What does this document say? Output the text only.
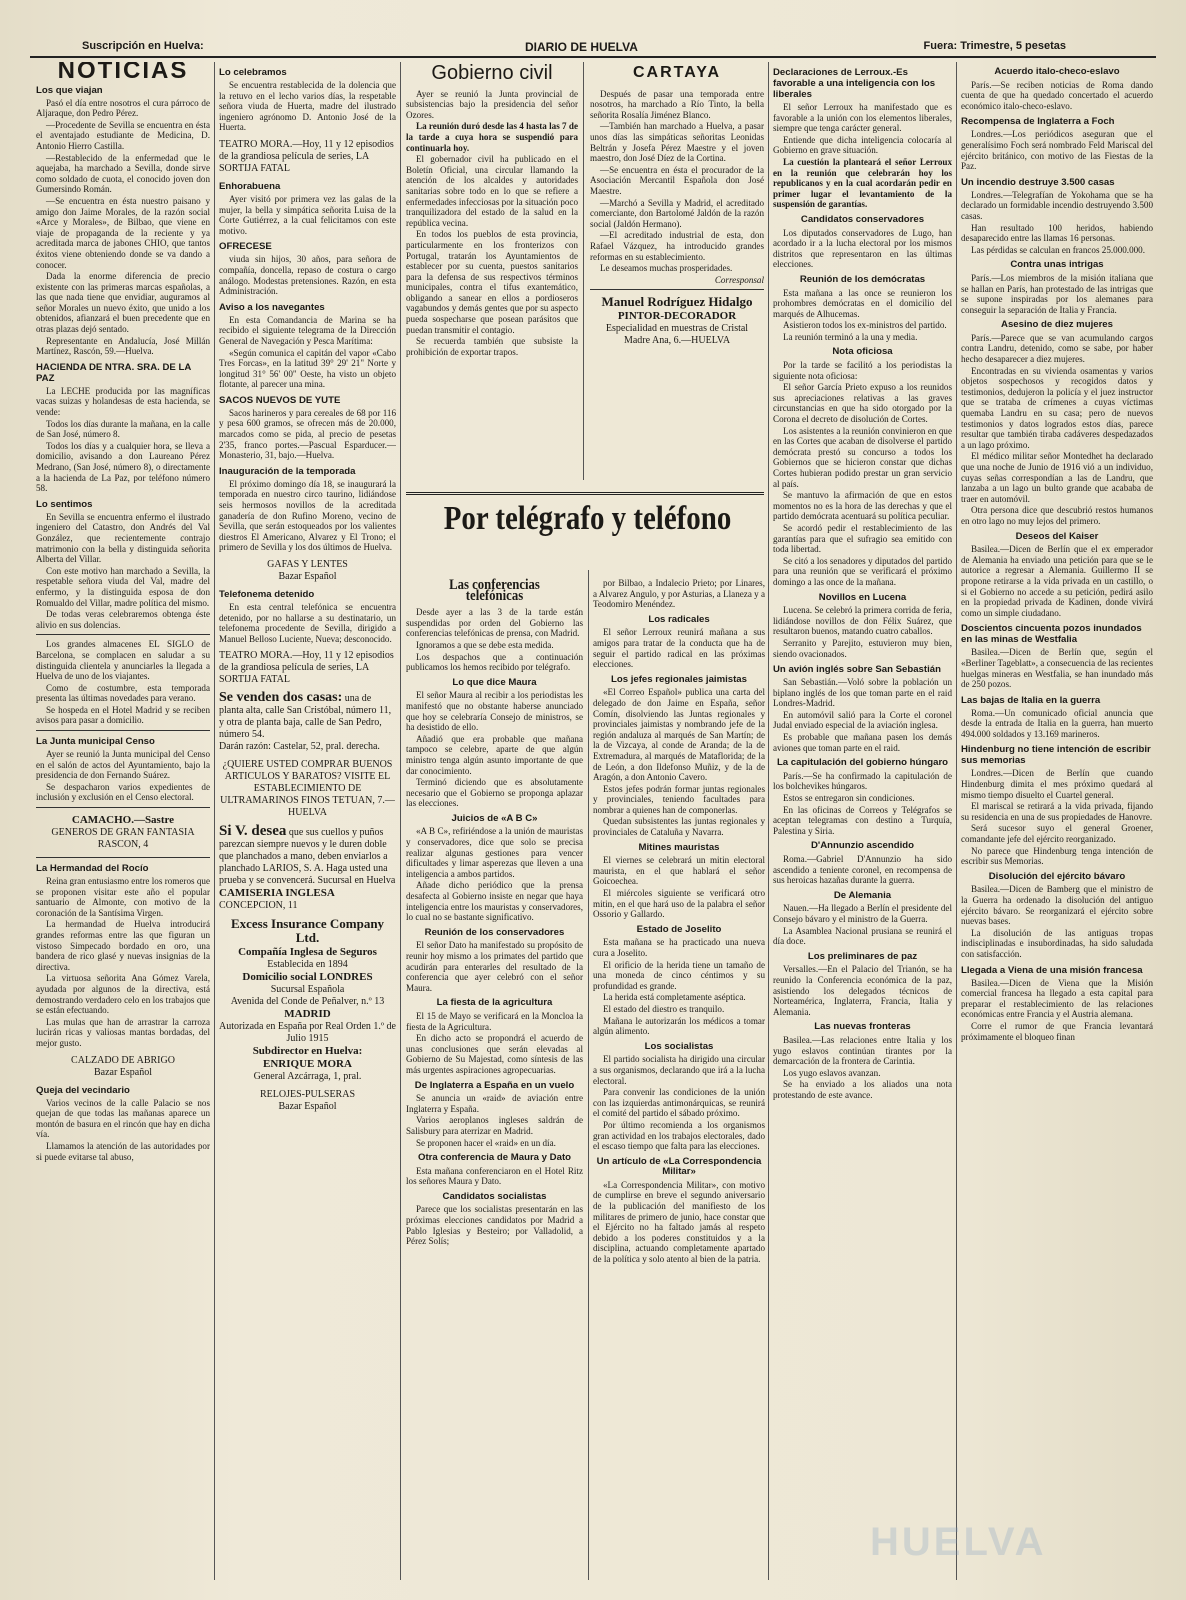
Suscripción en Huelva:	DIARIO DE HUELVA	Fuera: Trimestre, 5 pesetas
NOTICIAS
Los que viajan

Pasó el día entre nosotros el cura párroco de Aljaraque, don Pedro Pérez.

—Procedente de Sevilla se encuentra en ésta el aventajado estudiante de Medicina, D. Antonio Hierro Castilla.

—Restablecido de la enfermedad que le aquejaba, ha marchado a Sevilla, donde sirve como soldado de cuota, el conocido joven don Gumersindo Román.

—Se encuentra en ésta nuestro paisano y amigo don Jaime Morales, de la razón social «Arce y Morales», de Bilbao, que viene en viaje de propaganda de la reciente y ya acreditada marca de jabones CHIO, que tantos éxitos viene obteniendo donde se va dando a conocer.

Dada la enorme diferencia de precio existente con las primeras marcas españolas, a las que nada tiene que envidiar, auguramos al señor Morales un nuevo éxito, que unido a los obtenidos, afianzará el buen precedente que en otras plazas dejó sentado.

Representante en Andalucía, José Millán Martínez, Rascón, 59.—Huelva.

HACIENDA DE NTRA. SRA. DE LA PAZ

La LECHE producida por las magníficas vacas suizas y holandesas de esta hacienda, se vende:

Todos los días durante la mañana, en la calle de San José, número 8.

Todos los días y a cualquier hora, se lleva a domicilio, avisando a don Laureano Pérez Medrano, (San José, número 8), o directamente a la hacienda de La Paz, por teléfono número 58.

Lo sentimos

En Sevilla se encuentra enfermo el ilustrado ingeniero del Catastro, don Andrés del Val González, que recientemente contrajo matrimonio con la bella y distinguida señorita Alberta del Villar.

Con este motivo han marchado a Sevilla, la respetable señora viuda del Val, madre del enfermo, y la distinguida esposa de don Romualdo del Villar, madre política del mismo.

De todas veras celebraremos obtenga éste alivio en sus dolencias.

Los grandes almacenes EL SIGLO de Barcelona, se complacen en saludar a su distinguida clientela y anunciarles la llegada a Huelva de uno de los viajantes.

Como de costumbre, esta temporada presenta las últimas novedades para verano.

Se hospeda en el Hotel Madrid y se reciben avisos para pasar a domicilio.

La Junta municipal Censo

Ayer se reunió la Junta municipal del Censo en el salón de actos del Ayuntamiento, bajo la presidencia de don Fernando Suárez.

Se despacharon varios expedientes de inclusión y exclusión en el Censo electoral.

CAMACHO.—Sastre
GENEROS DE GRAN FANTASIA
RASCON, 4
La Hermandad del Rocío

Reina gran entusiasmo entre los romeros que se proponen visitar este año el popular santuario de Almonte, con motivo de la coronación de la Santísima Virgen.

La hermandad de Huelva introducirá grandes reformas entre las que figuran un vistoso Simpecado bordado en oro, una bandera de rico glasé y nuevas insignias de la directiva.

La virtuosa señorita Ana Gómez Varela, ayudada por algunos de la directiva, está demostrando verdadero celo en los trabajos que se están efectuando.

Las mulas que han de arrastrar la carroza lucirán ricas y valiosas mantas bordadas, del mejor gusto.

CALZADO DE ABRIGO
Bazar Español
Queja del vecindario

Varios vecinos de la calle Palacio se nos quejan de que todas las mañanas aparece un montón de basura en el rincón que hay en dicha vía.

Llamamos la atención de las autoridades por si puede evitarse tal abuso,

Lo celebramos

Se encuentra restablecida de la dolencia que la retuvo en el lecho varios días, la respetable señora viuda de Huerta, madre del ilustrado ingeniero agrónomo D. Antonio José de la Huerta.

TEATRO MORA.—Hoy, 11 y 12 episodios de la grandiosa película de series, LA SORTIJA FATAL
Enhorabuena

Ayer visitó por primera vez las galas de la mujer, la bella y simpática señorita Luisa de la Corte Gutiérrez, a la cual felicitamos con este motivo.

OFRECESE

viuda sin hijos, 30 años, para señora de compañía, doncella, repaso de costura o cargo análogo. Modestas pretensiones. Razón, en esta Administración.

Aviso a los navegantes

En esta Comandancia de Marina se ha recibido el siguiente telegrama de la Dirección General de Navegación y Pesca Marítima:

«Según comunica el capitán del vapor «Cabo Tres Forcas», en la latitud 39° 29' 21" Norte y longitud 31° 56' 00" Oeste, ha visto un objeto flotante, al parecer una mina.

SACOS NUEVOS DE YUTE

Sacos harineros y para cereales de 68 por 116 y pesa 600 gramos, se ofrecen más de 20.000, marcados como se pida, al precio de pesetas 2'35, franco portes.—Pascual Esparducer.—Monasterio, 31, bajo.—Huelva.

Inauguración de la temporada

El próximo domingo día 18, se inaugurará la temporada en nuestro circo taurino, lidiándose seis hermosos novillos de la acreditada ganadería de don Rufino Moreno, vecino de Sevilla, que serán estoqueados por los valientes diestros El Americano, Alvarez y El Trono; el primero de Sevilla y los dos últimos de Huelva.

GAFAS Y LENTES
Bazar Español
Telefonema detenido

En esta central telefónica se encuentra detenido, por no hallarse a su destinatario, un telefonema procedente de Sevilla, dirigido a Manuel Belloso Luciente, Nueva; desconocido.

TEATRO MORA.—Hoy, 11 y 12 episodios de la grandiosa película de series, LA SORTIJA FATAL
Se venden dos casas: una de planta alta, calle San Cristóbal, número 11, y otra de planta baja, calle de San Pedro, número 54.
Darán razón: Castelar, 52, pral. derecha.
¿QUIERE USTED COMPRAR BUENOS ARTICULOS Y BARATOS? VISITE EL ESTABLECIMIENTO DE ULTRAMARINOS FINOS TETUAN, 7.—HUELVA
Si V. desea que sus cuellos y puños parezcan siempre nuevos y le duren doble que planchados a mano, deben enviarlos a planchado LARIOS, S. A. Haga usted una prueba y se convencerá. Sucursal en Huelva
CAMISERIA INGLESA
CONCEPCION, 11
Excess Insurance Company Ltd.
Compañía Inglesa de Seguros
Establecida en 1894
Domicilio social LONDRES
Sucursal Española
Avenida del Conde de Peñalver, n.º 13
MADRID
Autorizada en España por Real Orden 1.º de Julio 1915
Subdirector en Huelva:
ENRIQUE MORA
General Azcárraga, 1, pral.
RELOJES-PULSERAS
Bazar Español
Gobierno civil

Ayer se reunió la Junta provincial de subsistencias bajo la presidencia del señor Ozores.

La reunión duró desde las 4 hasta las 7 de la tarde a cuya hora se suspendió para continuarla hoy.

El gobernador civil ha publicado en el Boletín Oficial, una circular llamando la atención de los alcaldes y autoridades sanitarias sobre todo en lo que se refiere a enfermedades infecciosas por la situación poco tranquilizadora del estado de la salud en la república vecina.

En todos los pueblos de esta provincia, particularmente en los fronterizos con Portugal, tratarán los Ayuntamientos de establecer por su cuenta, puestos sanitarios para la defensa de sus respectivos términos municipales, contra el tifus exantemático, obligando a sanear en ellos a pordioseros vagabundos y demás gentes que por su aspecto pueda sospecharse que posean parásitos que puedan transmitir el contagio.

Se recuerda también que subsiste la prohibición de exportar trapos.

CARTAYA

Después de pasar una temporada entre nosotros, ha marchado a Río Tinto, la bella señorita Rosalía Jiménez Blanco.

—También han marchado a Huelva, a pasar unos días las simpáticas señoritas Leonidas Beltrán y Josefa Pérez Maestre y el joven maestro, don José Díez de la Cortina.

—Se encuentra en ésta el procurador de la Asociación Mercantil Española don José Maestre.

—Marchó a Sevilla y Madrid, el acreditado comerciante, don Bartolomé Jaldón de la razón social (Jaldón Hermano).

—El acreditado industrial de esta, don Rafael Vázquez, ha introducido grandes reformas en su establecimiento.

Le deseamos muchas prosperidades.

Corresponsal
Manuel Rodríguez Hidalgo
PINTOR-DECORADOR
Especialidad en muestras de Cristal
Madre Ana, 6.—HUELVA
Por telégrafo y teléfono
Las conferencias telefónicas

Desde ayer a las 3 de la tarde están suspendidas por orden del Gobierno las conferencias telefónicas de prensa, con Madrid.

Ignoramos a que se debe esta medida.

Los despachos que a continuación publicamos los hemos recibido por telégrafo.

Lo que dice Maura

El señor Maura al recibir a los periodistas les manifestó que no obstante haberse anunciado que hoy se celebraría Consejo de ministros, se ha desistido de ello.

Añadió que era probable que mañana tampoco se celebre, aparte de que algún ministro tenga algún asunto importante de que dar conocimiento.

Terminó diciendo que es absolutamente necesario que el Gobierno se proponga aplazar las elecciones.

Juicios de «A B C»

«A B C», refiriéndose a la unión de mauristas y conservadores, dice que solo se precisa realizar algunas gestiones para vencer dificultades y limar asperezas que lleven a una inteligencia a ambos partidos.

Añade dicho periódico que la prensa desafecta al Gobierno insiste en negar que haya inteligencia entre los mauristas y conservadores, lo cual no se bastante significativo.

Reunión de los conservadores

El señor Dato ha manifestado su propósito de reunir hoy mismo a los primates del partido que acudirán para enterarles del resultado de la conferencia que ayer celebró con el señor Maura.

La fiesta de la agricultura

El 15 de Mayo se verificará en la Moncloa la fiesta de la Agricultura.

En dicho acto se propondrá el acuerdo de unas conclusiones que serán elevadas al Gobierno de Su Majestad, como síntesis de las más urgentes aspiraciones agropecuarias.

De Inglaterra a España en un vuelo

Se anuncia un «raid» de aviación entre Inglaterra y España.

Varios aeroplanos ingleses saldrán de Salisbury para aterrizar en Madrid.

Se proponen hacer el «raid» en un día.

Otra conferencia de Maura y Dato

Esta mañana conferenciaron en el Hotel Ritz los señores Maura y Dato.

Candidatos socialistas

Parece que los socialistas presentarán en las próximas elecciones candidatos por Madrid a Pablo Iglesias y Besteiro; por Valladolid, a Pérez Solís;

por Bilbao, a Indalecio Prieto; por Linares, a Alvarez Angulo, y por Asturias, a Llaneza y a Teodomiro Menéndez.

Los radicales

El señor Lerroux reunirá mañana a sus amigos para tratar de la conducta que ha de seguir el partido radical en las próximas elecciones.

Los jefes regionales jaimistas

«El Correo Español» publica una carta del delegado de don Jaime en España, señor Comín, disolviendo las Juntas regionales y provinciales jaimistas y nombrando jefe de la región andaluza al marqués de San Martín; de la de Vizcaya, al conde de Aranda; de la de Extremadura, al marqués de Mataflorida; de la de León, a don Ildefonso Muñiz, y de la de Aragón, a don Antonio Cavero.

Estos jefes podrán formar juntas regionales y provinciales, teniendo facultades para nombrar a quienes han de componerlas.

Quedan subsistentes las juntas regionales y provinciales de Cataluña y Navarra.

Mitines mauristas

El viernes se celebrará un mitin electoral maurista, en el que hablará el señor Goicoechea.

El miércoles siguiente se verificará otro mitin, en el que hará uso de la palabra el señor Ossorio y Gallardo.

Estado de Joselito

Esta mañana se ha practicado una nueva cura a Joselito.

El orificio de la herida tiene un tamaño de una moneda de cinco céntimos y su profundidad es grande.

La herida está completamente aséptica.

El estado del diestro es tranquilo.

Mañana le autorizarán los médicos a tomar algún alimento.

Los socialistas

El partido socialista ha dirigido una circular a sus organismos, declarando que irá a la lucha electoral.

Para convenir las condiciones de la unión con las izquierdas antimonárquicas, se reunirá el comité del partido el sábado próximo.

Por último recomienda a los organismos gran actividad en los trabajos electorales, dado el escaso tiempo que falta para las elecciones.

Un artículo de «La Correspondencia Militar»

«La Correspondencia Militar», con motivo de cumplirse en breve el segundo aniversario de la publicación del manifiesto de los militares de primero de junio, hace constar que el Ejército no ha faltado jamás al respeto debido a los poderes constituidos y a la disciplina, actuando completamente apartado de la política y solo atento al bien de la patria.

Declaraciones de Lerroux.-Es favorable a una inteligencia con los liberales

El señor Lerroux ha manifestado que es favorable a la unión con los elementos liberales, siempre que tenga carácter general.

Entiende que dicha inteligencia colocaría al Gobierno en grave situación.

La cuestión la planteará el señor Lerroux en la reunión que celebrarán hoy los republicanos y en la cual acordarán pedir en primer lugar el levantamiento de la suspensión de garantías.

Candidatos conservadores

Los diputados conservadores de Lugo, han acordado ir a la lucha electoral por los mismos distritos que representaron en las últimas elecciones.

Reunión de los demócratas

Esta mañana a las once se reunieron los prohombres demócratas en el domicilio del marqués de Alhucemas.

Asistieron todos los ex-ministros del partido.

La reunión terminó a la una y media.

Nota oficiosa

Por la tarde se facilitó a los periodistas la siguiente nota oficiosa:

El señor García Prieto expuso a los reunidos sus apreciaciones relativas a las graves circunstancias en que ha sido otorgado por la Corona el decreto de disolución de Cortes.

Los asistentes a la reunión convinieron en que en las Cortes que acaban de disolverse el partido demócrata prestó su concurso a todos los Gobiernos que se hicieron constar que dichas Cortes hubieran podido prestar un gran servicio al país.

Se mantuvo la afirmación de que en estos momentos no es la hora de las derechas y que el partido demócrata acentuará su política peculiar.

Se acordó pedir el restablecimiento de las garantías para que el sufragio sea emitido con toda libertad.

Se citó a los senadores y diputados del partido para una reunión que se verificará el próximo domingo a las once de la mañana.

Novillos en Lucena

Lucena. Se celebró la primera corrida de feria, lidiándose novillos de don Félix Suárez, que resultaron buenos, matando cuatro caballos.

Serranito y Parejito, estuvieron muy bien, siendo ovacionados.

Un avión inglés sobre San Sebastián

San Sebastián.—Voló sobre la población un biplano inglés de los que toman parte en el raid Londres-Madrid.

En automóvil salió para la Corte el coronel Judal enviado especial de la aviación inglesa.

Es probable que mañana pasen los demás aviones que toman parte en el raid.

La capitulación del gobierno húngaro

París.—Se ha confirmado la capitulación de los bolchevikes húngaros.

Estos se entregaron sin condiciones.

En las oficinas de Correos y Telégrafos se aceptan telegramas con destino a Turquía, Palestina y Siria.

D'Annunzio ascendido

Roma.—Gabriel D'Annunzio ha sido ascendido a teniente coronel, en recompensa de sus heroicas hazañas durante la guerra.

De Alemania

Nauen.—Ha llegado a Berlín el presidente del Consejo bávaro y el ministro de la Guerra.

La Asamblea Nacional prusiana se reunirá el día doce.

Los preliminares de paz

Versalles.—En el Palacio del Trianón, se ha reunido la Conferencia económica de la paz, asistiendo los delegados técnicos de Norteamérica, Inglaterra, Francia, Italia y Alemania.

Las nuevas fronteras

Basilea.—Las relaciones entre Italia y los yugo eslavos continúan tirantes por la demarcación de la frontera de Carintia.

Los yugo eslavos avanzan.

Se ha enviado a los aliados una nota protestando de este avance.

Acuerdo italo-checo-eslavo

París.—Se reciben noticias de Roma dando cuenta de que ha quedado concertado el acuerdo económico italo-checo-eslavo.

Recompensa de Inglaterra a Foch

Londres.—Los periódicos aseguran que el generalísimo Foch será nombrado Feld Mariscal del ejército británico, con motivo de las Fiestas de la Paz.

Un incendio destruye 3.500 casas

Londres.—Telegrafían de Yokohama que se ha declarado un formidable incendio destruyendo 3.500 casas.

Han resultado 100 heridos, habiendo desaparecido entre las llamas 16 personas.

Las pérdidas se calculan en francos 25.000.000.

Contra unas intrigas

París.—Los miembros de la misión italiana que se hallan en París, han protestado de las intrigas que se supone inspiradas por los alemanes para conseguir la separación de Italia y Francia.

Asesino de diez mujeres

París.—Parece que se van acumulando cargos contra Landru, detenido, como se sabe, por haber hecho desaparecer a diez mujeres.

Encontradas en su vivienda osamentas y varios objetos sospechosos y recogidos datos y testimonios, dedujeron la policía y el juez instructor que se trataba de crímenes a cuyas víctimas quemaba Landru en su casa; pero de nuevos testimonios y datos logrados estos días, parece resultar que también tiraba cadáveres despedazados a un lago próximo.

El médico militar señor Montedhet ha declarado que una noche de Junio de 1916 vió a un individuo, cuyas señas correspondían a las de Landru, que lanzaba a un lago un bulto grande que acababa de traer en automóvil.

Otra persona dice que descubrió restos humanos en otro lago no muy lejos del primero.

Deseos del Kaiser

Basilea.—Dicen de Berlín que el ex emperador de Alemania ha enviado una petición para que se le autorice a regresar a Alemania. Guillermo II se propone retirarse a la vida privada en un castillo, o si el Gobierno no accede a su petición, pedirá asilo en la propiedad privada de Kadinen, donde vivirá como un simple ciudadano.

Doscientos cincuenta pozos inundados en las minas de Westfalia

Basilea.—Dicen de Berlín que, según el «Berliner Tageblatt», a consecuencia de las recientes huelgas mineras en Westfalia, se han inundado más de 250 pozos.

Las bajas de Italia en la guerra

Roma.—Un comunicado oficial anuncia que desde la entrada de Italia en la guerra, han muerto 494.000 soldados y 13.169 marineros.

Hindenburg no tiene intención de escribir sus memorias

Londres.—Dicen de Berlín que cuando Hindenburg dimita el mes próximo quedará al mismo tiempo disuelto el Cuartel general.

El mariscal se retirará a la vida privada, fijando su residencia en una de sus propiedades de Hanovre.

Será sucesor suyo el general Groener, comandante jefe del ejército reorganizado.

No parece que Hindenburg tenga intención de escribir sus Memorias.

Disolución del ejército bávaro

Basilea.—Dicen de Bamberg que el ministro de la Guerra ha ordenado la disolución del antiguo ejército bávaro. Se reorganizará el ejército sobre nuevas bases.

La disolución de las antiguas tropas indisciplinadas e insubordinadas, ha sido saludada con satisfacción.

Llegada a Viena de una misión francesa

Basilea.—Dicen de Viena que la Misión comercial francesa ha llegado a esta capital para preparar el restablecimiento de las relaciones económicas entre Francia y el Austria alemana.

Corre el rumor de que Francia levantará próximamente el bloqueo finan

HUELVA
